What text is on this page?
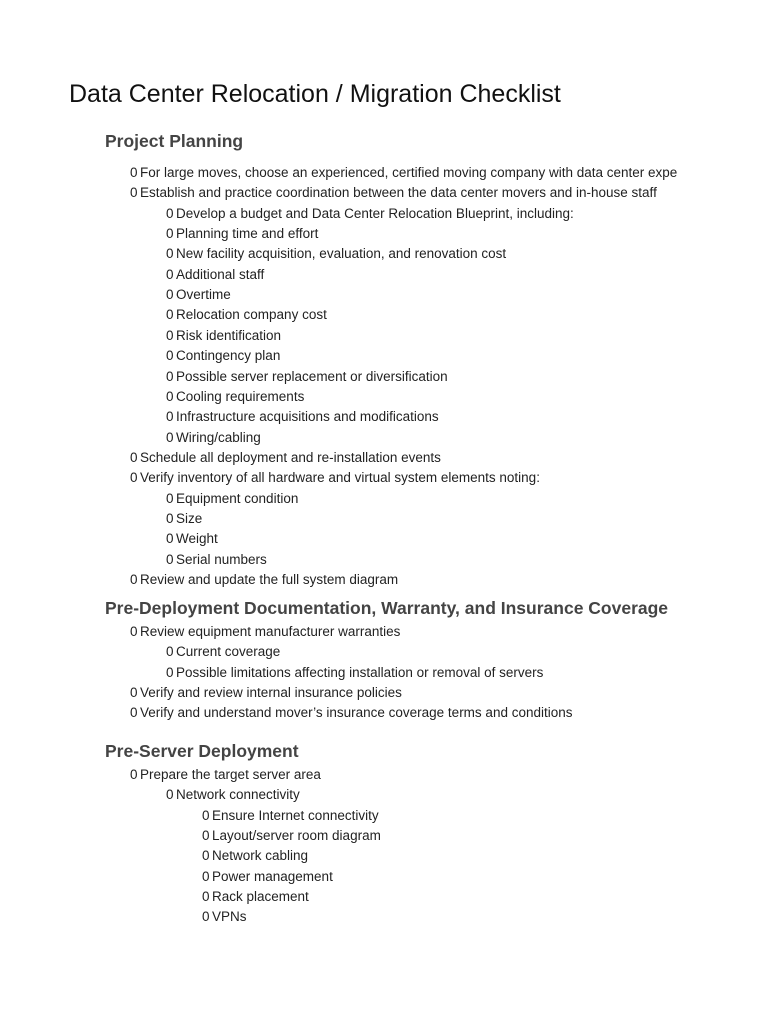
Data Center Relocation / Migration Checklist
Project Planning
0 For large moves, choose an experienced, certified moving company with data center expe
0 Establish and practice coordination between the data center movers and in-house staff
0 Develop a budget and Data Center Relocation Blueprint, including:
0 Planning time and effort
0 New facility acquisition, evaluation, and renovation cost
0 Additional staff
0 Overtime
0 Relocation company cost
0 Risk identification
0 Contingency plan
0 Possible server replacement or diversification
0 Cooling requirements
0 Infrastructure acquisitions and modifications
0 Wiring/cabling
0 Schedule all deployment and re-installation events
0 Verify inventory of all hardware and virtual system elements noting:
0 Equipment condition
0 Size
0 Weight
0 Serial numbers
0 Review and update the full system diagram
Pre-Deployment Documentation, Warranty, and Insurance Coverage
0 Review equipment manufacturer warranties
0 Current coverage
0 Possible limitations affecting installation or removal of servers
0 Verify and review internal insurance policies
0 Verify and understand mover’s insurance coverage terms and conditions
Pre-Server Deployment
0 Prepare the target server area
0 Network connectivity
0 Ensure Internet connectivity
0 Layout/server room diagram
0 Network cabling
0 Power management
0 Rack placement
0 VPNs
